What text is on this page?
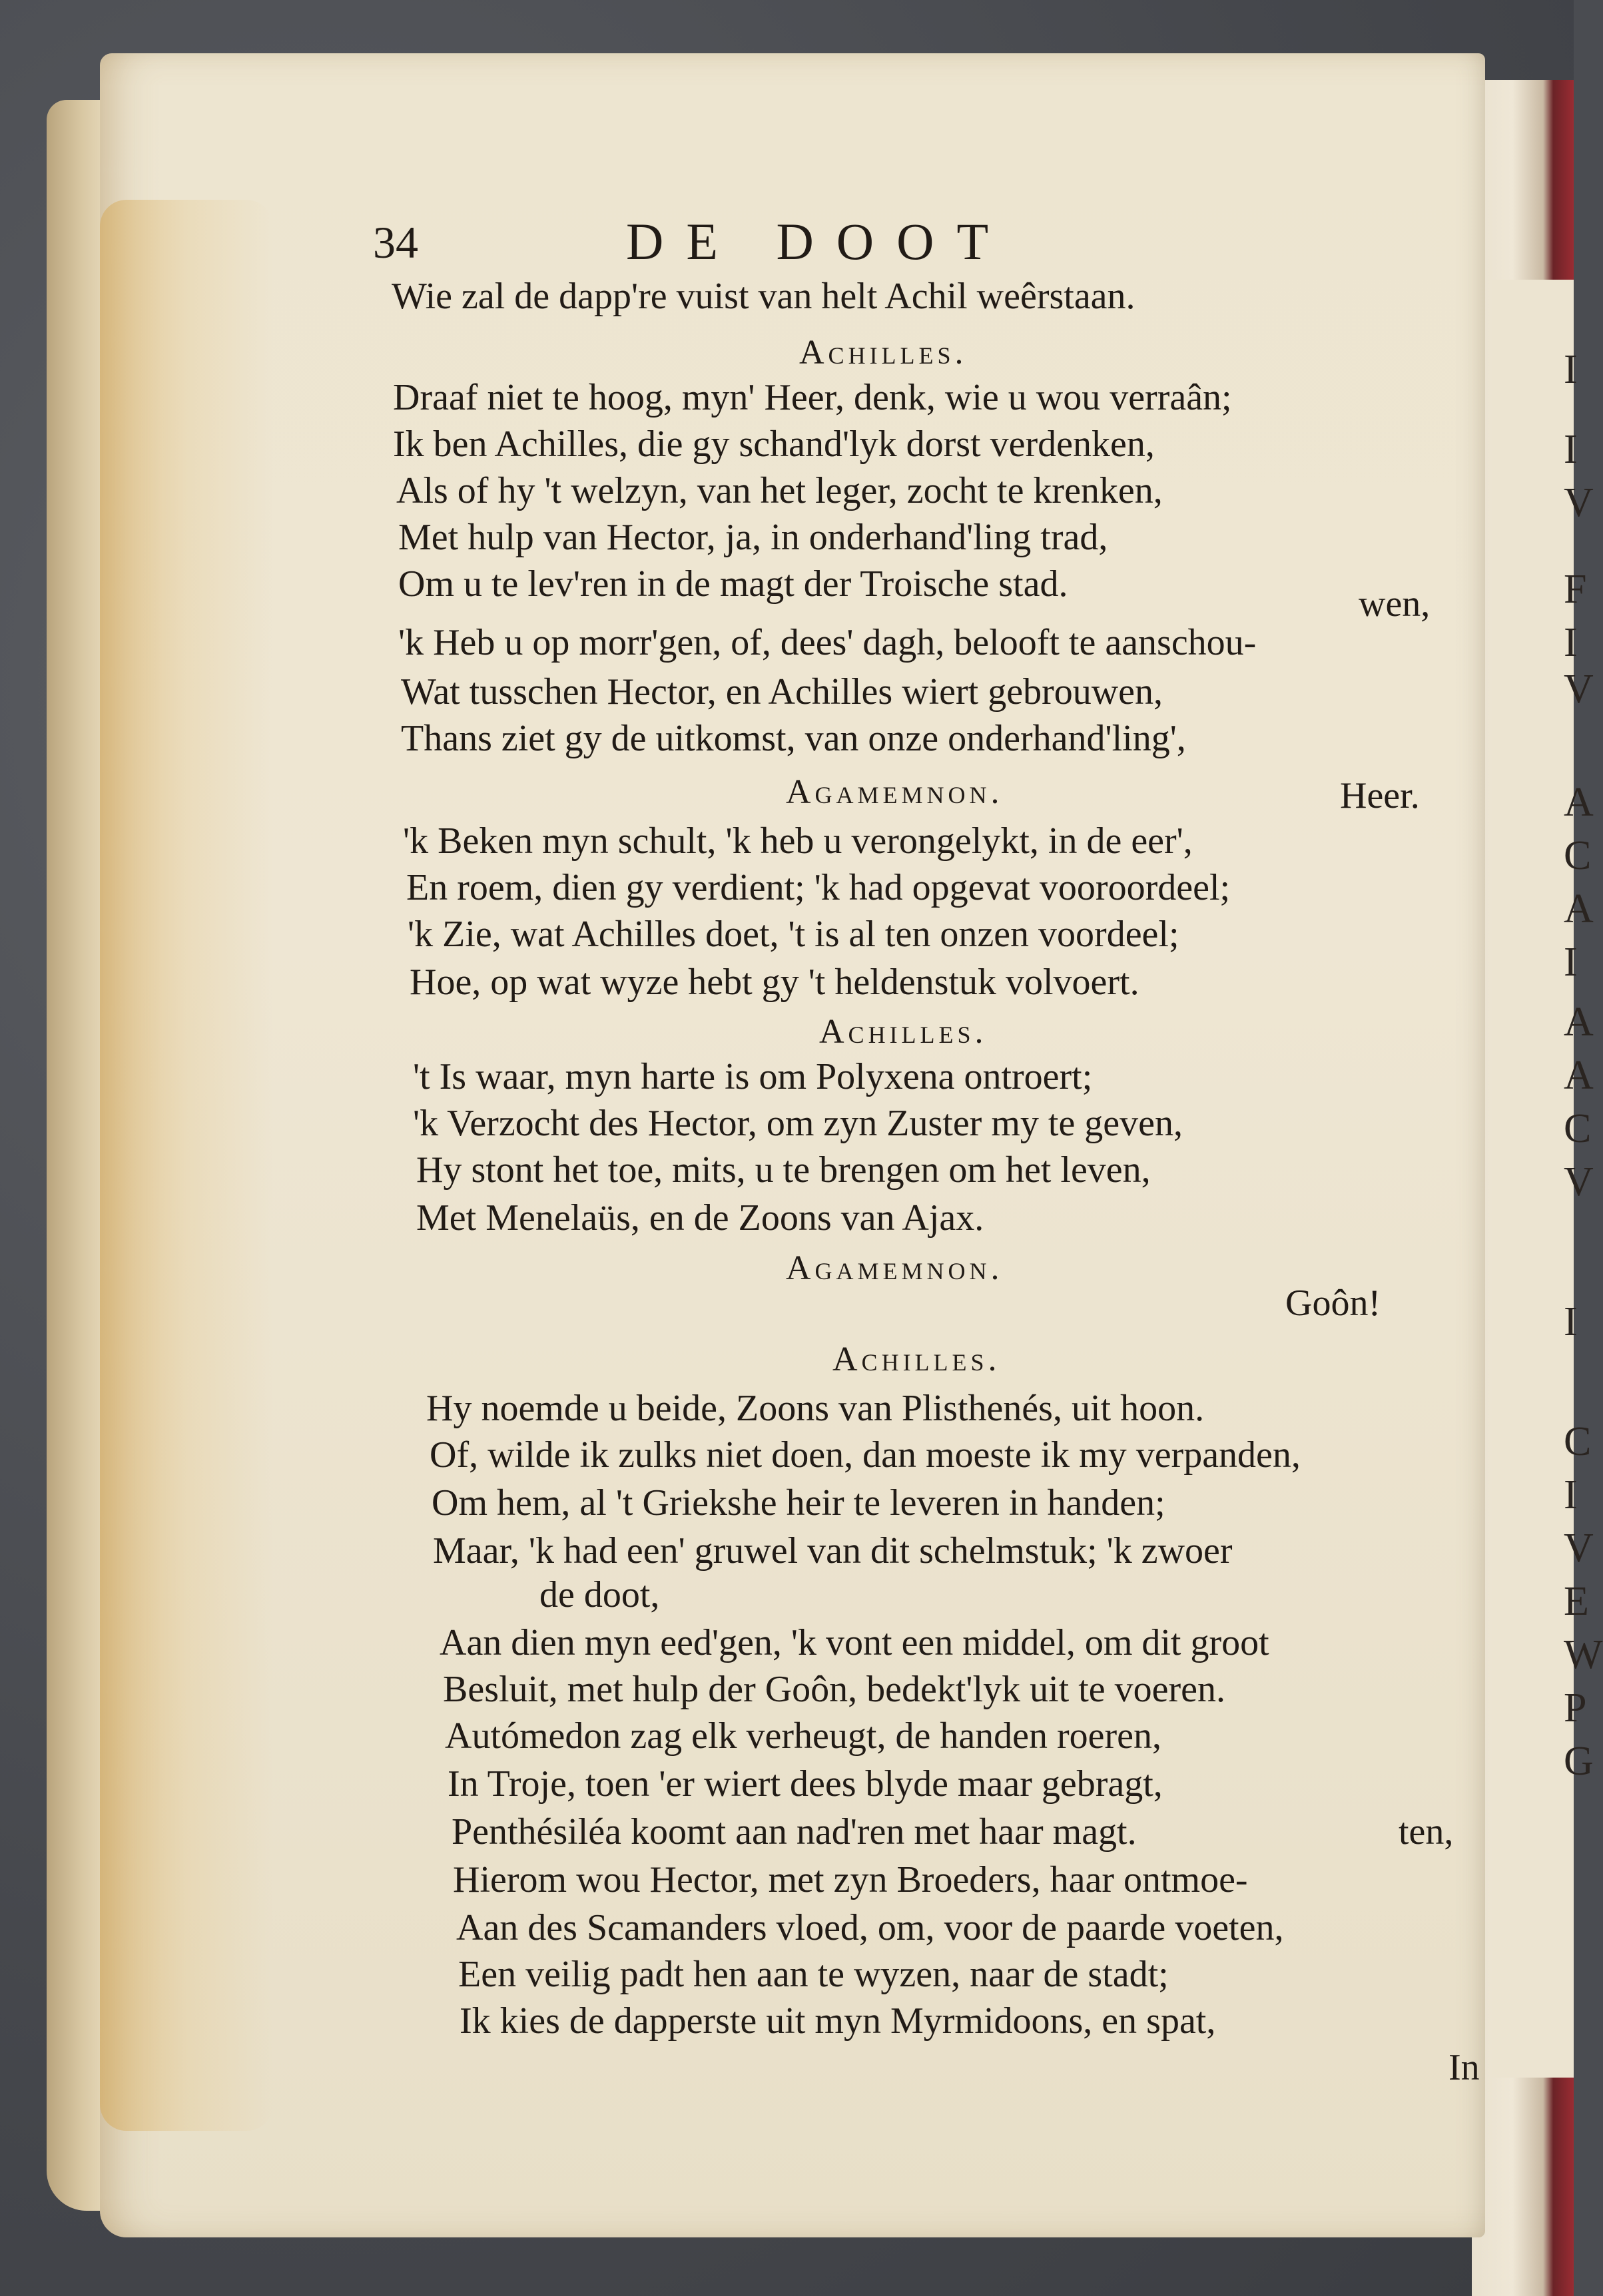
I
I
V
F
I
V
A
C
A
I
A
A
C
V
I
C
I
V
E
W
P
G
34	DE DOOT
Wie zal de dapp're vuist van helt Achil weêrstaan.
Achilles.
Draaf niet te hoog, myn' Heer, denk, wie u wou verraân;
Ik ben Achilles, die gy schand'lyk dorst verdenken,
Als of hy 't welzyn, van het leger, zocht te krenken,
Met hulp van Hector, ja, in onderhand'ling trad,
Om u te lev'ren in de magt der Troische stad.	wen,
'k Heb u op morr'gen, of, dees' dagh, belooft te aanschou-
Wat tusschen Hector, en Achilles wiert gebrouwen,
Thans ziet gy de uitkomst, van onze onderhand'ling',
Agamemnon.	Heer.
'k Beken myn schult, 'k heb u verongelykt, in de eer',
En roem, dien gy verdient; 'k had opgevat vooroordeel;
'k Zie, wat Achilles doet, 't is al ten onzen voordeel;
Hoe, op wat wyze hebt gy 't heldenstuk volvoert.
Achilles.
't Is waar, myn harte is om Polyxena ontroert;
'k Verzocht des Hector, om zyn Zuster my te geven,
Hy stont het toe, mits, u te brengen om het leven,
Met Menelaüs, en de Zoons van Ajax.
Agamemnon.
Goôn!
Achilles.
Hy noemde u beide, Zoons van Plisthenés, uit hoon.
Of, wilde ik zulks niet doen, dan moeste ik my verpanden,
Om hem, al 't Griekshe heir te leveren in handen;
Maar, 'k had een' gruwel van dit schelmstuk; 'k zwoer
de doot,
Aan dien myn eed'gen, 'k vont een middel, om dit groot
Besluit, met hulp der Goôn, bedekt'lyk uit te voeren.
Autómedon zag elk verheugt, de handen roeren,
In Troje, toen 'er wiert dees blyde maar gebragt,
Penthésiléa koomt aan nad'ren met haar magt.	ten,
Hierom wou Hector, met zyn Broeders, haar ontmoe-
Aan des Scamanders vloed, om, voor de paarde voeten,
Een veilig padt hen aan te wyzen, naar de stadt;
Ik kies de dapperste uit myn Myrmidoons, en spat,
In
